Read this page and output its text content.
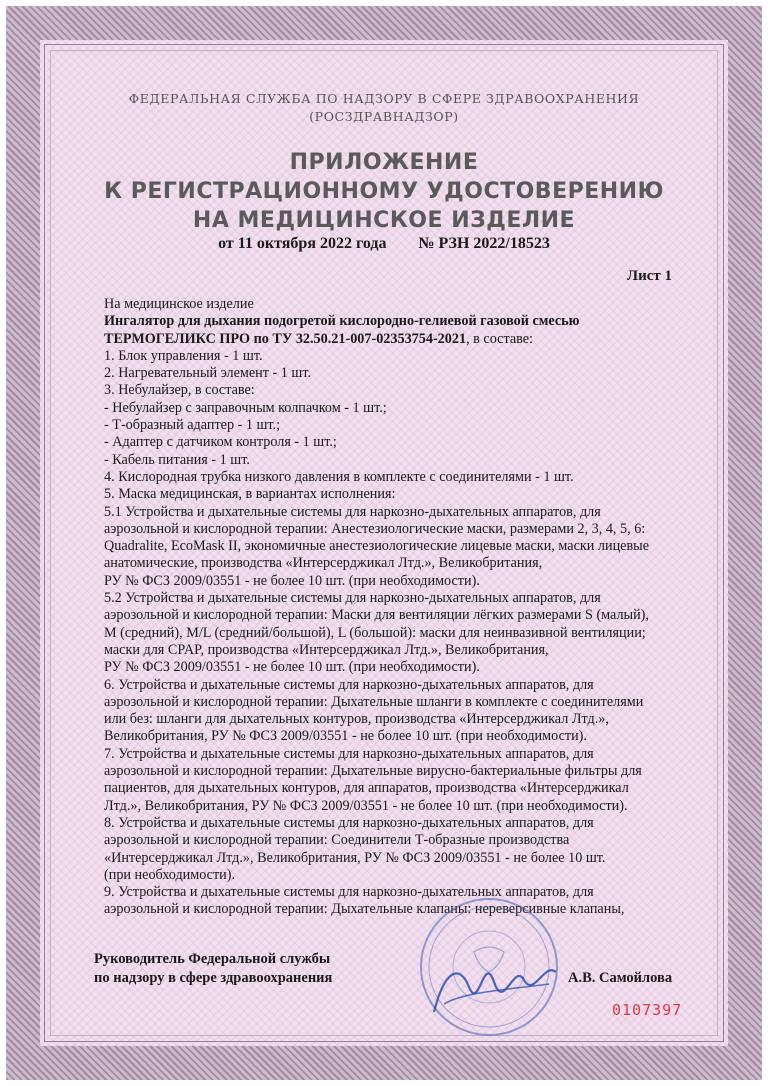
ФЕДЕРАЛЬНАЯ СЛУЖБА ПО НАДЗОРУ В СФЕРЕ ЗДРАВООХРАНЕНИЯ
(РОСЗДРАВНАДЗОР)
ПРИЛОЖЕНИЕ
К РЕГИСТРАЦИОННОМУ УДОСТОВЕРЕНИЮ
НА МЕДИЦИНСКОЕ ИЗДЕЛИЕ
от 11 октября 2022 года № РЗН 2022/18523
Лист 1
На медицинское изделие
Ингалятор для дыхания подогретой кислородно-гелиевой газовой смесью
ТЕРМОГЕЛИКС ПРО по ТУ 32.50.21-007-02353754-2021, в составе:
1. Блок управления - 1 шт.
2. Нагревательный элемент - 1 шт.
3. Небулайзер, в составе:
- Небулайзер с заправочным колпачком - 1 шт.;
- Т-образный адаптер - 1 шт.;
- Адаптер с датчиком контроля - 1 шт.;
- Кабель питания - 1 шт.
4. Кислородная трубка низкого давления в комплекте с соединителями - 1 шт.
5. Маска медицинская, в вариантах исполнения:
5.1 Устройства и дыхательные системы для наркозно-дыхательных аппаратов, для
аэрозольной и кислородной терапии: Анестезиологические маски, размерами 2, 3, 4, 5, 6:
Quadralite, EcoMask II, экономичные анестезиологические лицевые маски, маски лицевые
анатомические, производства «Интерсерджикал Лтд.», Великобритания,
РУ № ФСЗ 2009/03551 - не более 10 шт. (при необходимости).
5.2 Устройства и дыхательные системы для наркозно-дыхательных аппаратов, для
аэрозольной и кислородной терапии: Маски для вентиляции лёгких размерами S (малый),
M (средний), M/L (средний/большой), L (большой): маски для неинвазивной вентиляции;
маски для CPAP, производства «Интерсерджикал Лтд.», Великобритания,
РУ № ФСЗ 2009/03551 - не более 10 шт. (при необходимости).
6. Устройства и дыхательные системы для наркозно-дыхательных аппаратов, для
аэрозольной и кислородной терапии: Дыхательные шланги в комплекте с соединителями
или без: шланги для дыхательных контуров, производства «Интерсерджикал Лтд.»,
Великобритания, РУ № ФСЗ 2009/03551 - не более 10 шт. (при необходимости).
7. Устройства и дыхательные системы для наркозно-дыхательных аппаратов, для
аэрозольной и кислородной терапии: Дыхательные вирусно-бактериальные фильтры для
пациентов, для дыхательных контуров, для аппаратов, производства «Интерсерджикал
Лтд.», Великобритания, РУ № ФСЗ 2009/03551 - не более 10 шт. (при необходимости).
8. Устройства и дыхательные системы для наркозно-дыхательных аппаратов, для
аэрозольной и кислородной терапии: Соединители Т-образные производства
«Интерсерджикал Лтд.», Великобритания, РУ № ФСЗ 2009/03551 - не более 10 шт.
(при необходимости).
9. Устройства и дыхательные системы для наркозно-дыхательных аппаратов, для
аэрозольной и кислородной терапии: Дыхательные клапаны: нереверсивные клапаны,
Руководитель Федеральной службы
по надзору в сфере здравоохранения	А.В. Самойлова
0107397
